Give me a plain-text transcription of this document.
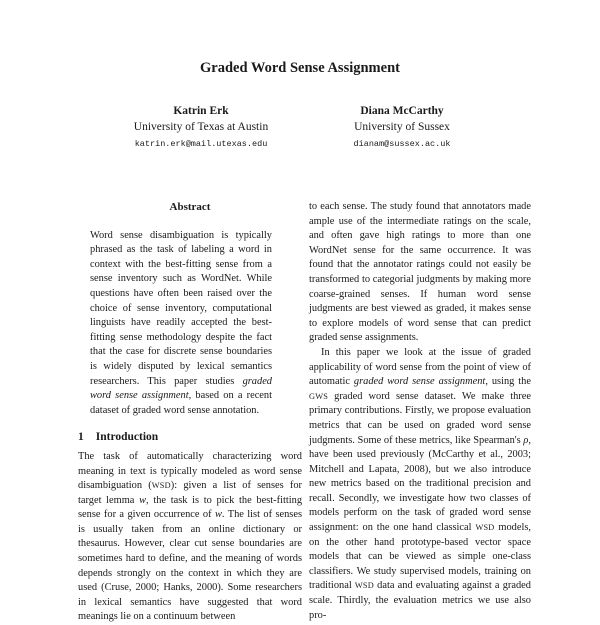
Graded Word Sense Assignment
Katrin Erk
University of Texas at Austin
katrin.erk@mail.utexas.edu
Diana McCarthy
University of Sussex
dianam@sussex.ac.uk
Abstract

Word sense disambiguation is typically phrased as the task of labeling a word in context with the best-fitting sense from a sense inventory such as WordNet. While questions have often been raised over the choice of sense inventory, computational linguists have readily accepted the best-fitting sense methodology despite the fact that the case for discrete sense boundaries is widely disputed by lexical semantics researchers. This paper studies graded word sense assignment, based on a recent dataset of graded word sense annotation.

1 Introduction

The task of automatically characterizing word meaning in text is typically modeled as word sense disambiguation (WSD): given a list of senses for target lemma w, the task is to pick the best-fitting sense for a given occurrence of w. The list of senses is usually taken from an online dictionary or thesaurus. However, clear cut sense boundaries are sometimes hard to define, and the meaning of words depends strongly on the context in which they are used (Cruse, 2000; Hanks, 2000). Some researchers in lexical semantics have suggested that word meanings lie on a continuum between

to each sense. The study found that annotators made ample use of the intermediate ratings on the scale, and often gave high ratings to more than one WordNet sense for the same occurrence. It was found that the annotator ratings could not easily be transformed to categorial judgments by making more coarse-grained senses. If human word sense judgments are best viewed as graded, it makes sense to explore models of word sense that can predict graded sense assignments.

In this paper we look at the issue of graded applicability of word sense from the point of view of automatic graded word sense assignment, using the GWS graded word sense dataset. We make three primary contributions. Firstly, we propose evaluation metrics that can be used on graded word sense judgments. Some of these metrics, like Spearman's ρ, have been used previously (McCarthy et al., 2003; Mitchell and Lapata, 2008), but we also introduce new metrics based on the traditional precision and recall. Secondly, we investigate how two classes of models perform on the task of graded word sense assignment: on the one hand classical WSD models, on the other hand prototype-based vector space models that can be viewed as simple one-class classifiers. We study supervised models, training on traditional WSD data and evaluating against a graded scale. Thirdly, the evaluation metrics we use also pro-
